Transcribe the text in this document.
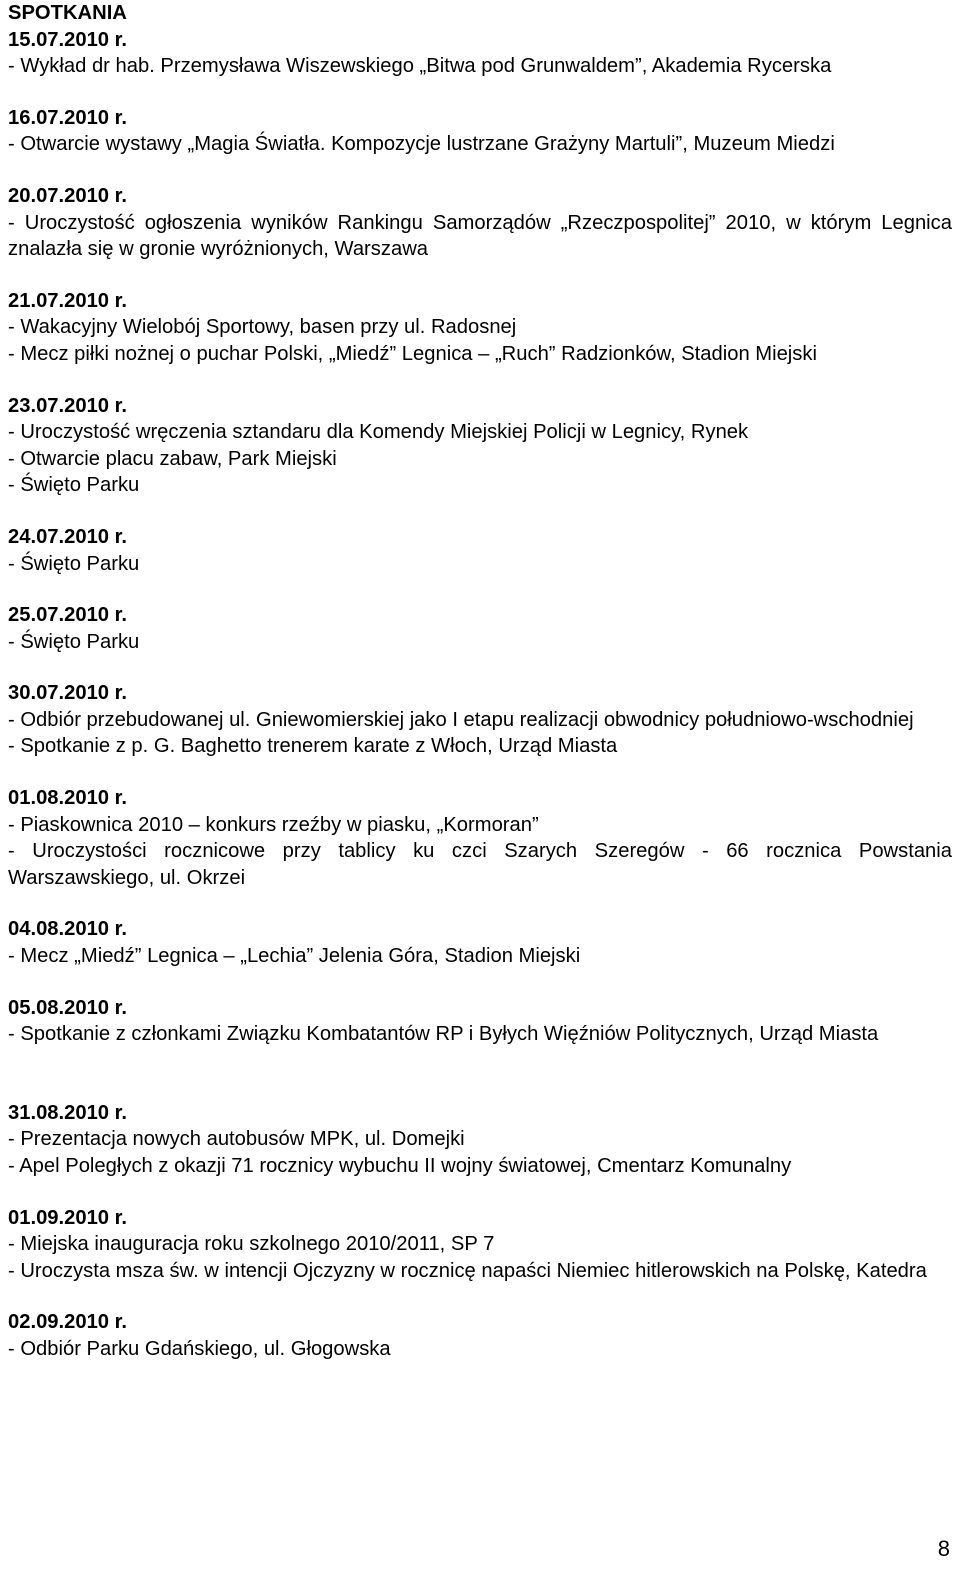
SPOTKANIA
15.07.2010 r.
- Wykład dr hab. Przemysława Wiszewskiego „Bitwa pod Grunwaldem”, Akademia Rycerska
16.07.2010 r.
- Otwarcie wystawy „Magia Światła. Kompozycje lustrzane Grażyny Martuli”, Muzeum Miedzi
20.07.2010 r.
- Uroczystość ogłoszenia wyników Rankingu Samorządów „Rzeczpospolitej” 2010, w którym Legnica znalazła się w gronie wyróżnionych, Warszawa
21.07.2010 r.
- Wakacyjny Wielobój Sportowy, basen przy ul. Radosnej
- Mecz piłki nożnej o puchar Polski, „Miedź” Legnica – „Ruch” Radzionków, Stadion Miejski
23.07.2010 r.
- Uroczystość wręczenia sztandaru dla Komendy Miejskiej Policji w Legnicy, Rynek
- Otwarcie placu zabaw, Park Miejski
- Święto Parku
24.07.2010 r.
- Święto Parku
25.07.2010 r.
- Święto Parku
30.07.2010 r.
- Odbiór przebudowanej ul. Gniewomierskiej jako I etapu realizacji obwodnicy południowo-wschodniej
- Spotkanie z p. G. Baghetto trenerem karate z Włoch, Urząd Miasta
01.08.2010 r.
- Piaskownica 2010 – konkurs rzeźby w piasku, „Kormoran”
- Uroczystości rocznicowe przy tablicy ku czci Szarych Szeregów - 66 rocznica Powstania Warszawskiego, ul. Okrzei
04.08.2010 r.
- Mecz „Miedź” Legnica – „Lechia” Jelenia Góra, Stadion Miejski
05.08.2010 r.
- Spotkanie z członkami Związku Kombatantów RP i Byłych Więźniów Politycznych, Urząd Miasta
31.08.2010 r.
- Prezentacja nowych autobusów MPK, ul. Domejki
- Apel Poległych z okazji 71 rocznicy wybuchu II wojny światowej, Cmentarz Komunalny
01.09.2010 r.
- Miejska inauguracja roku szkolnego 2010/2011, SP 7
- Uroczysta msza św. w intencji Ojczyzny w rocznicę napaści Niemiec hitlerowskich na Polskę, Katedra
02.09.2010 r.
- Odbiór Parku Gdańskiego, ul. Głogowska
8
